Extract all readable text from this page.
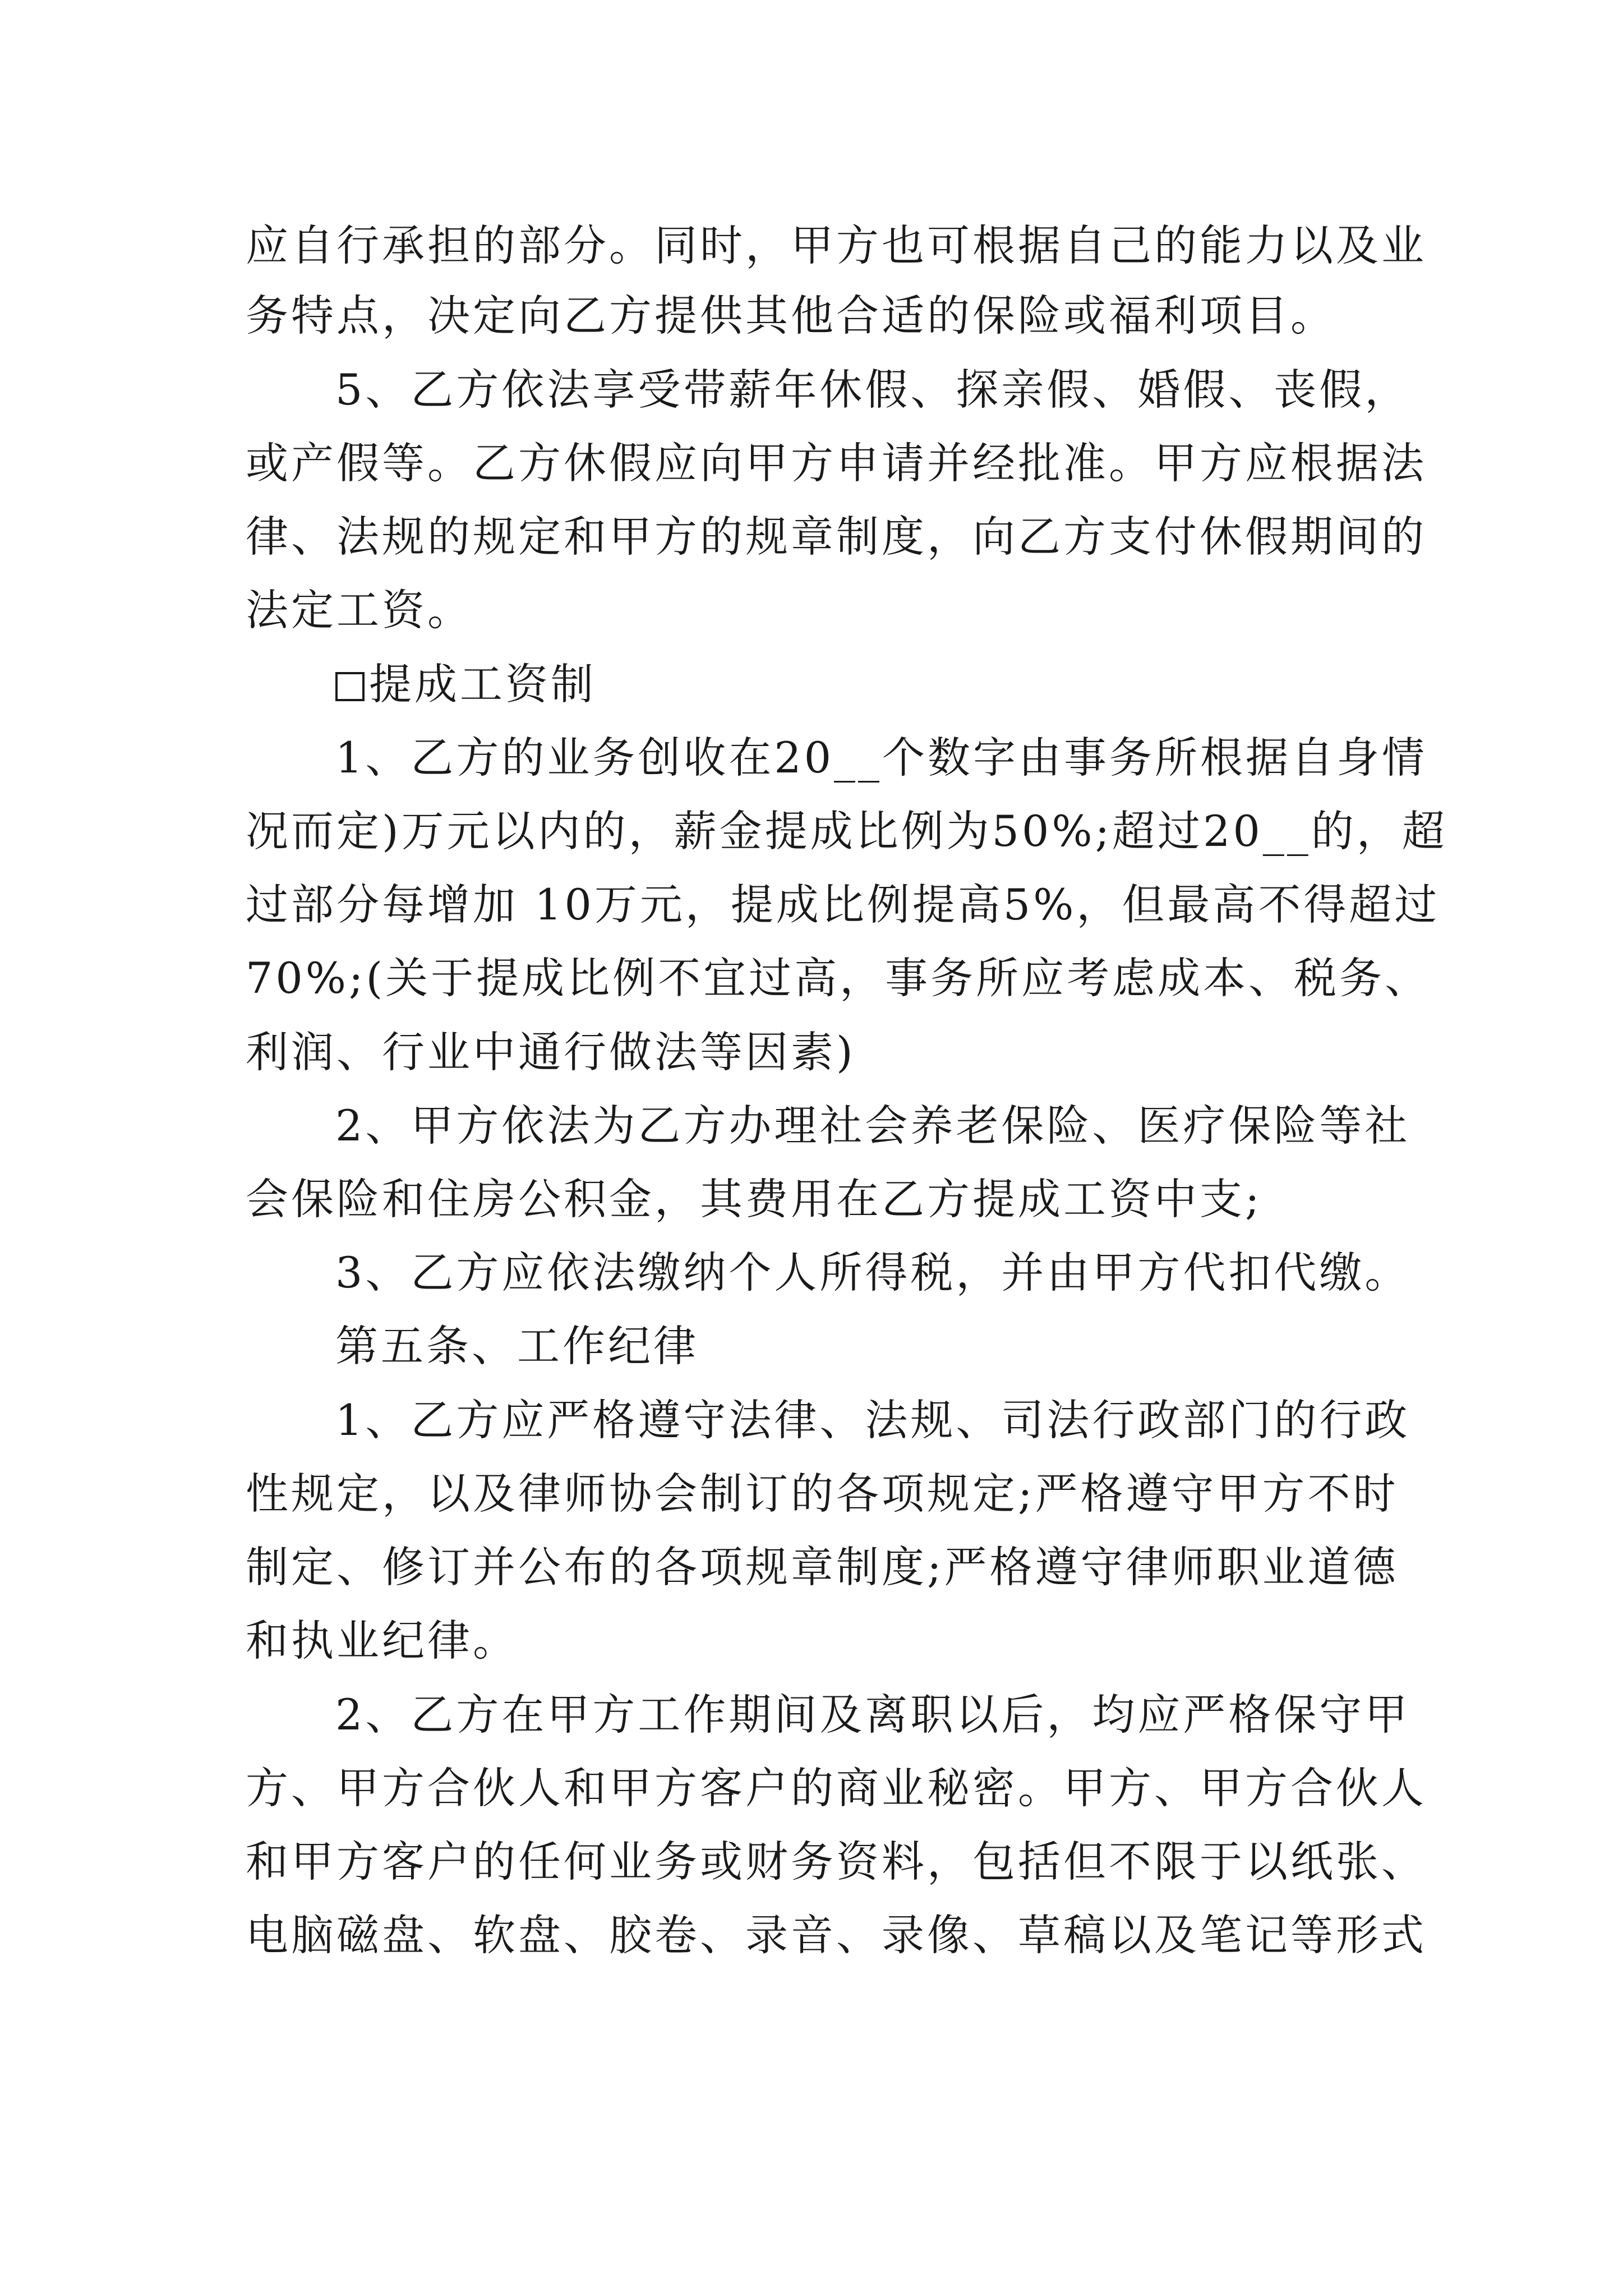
应自行承担的部分。同时，甲方也可根据自己的能力以及业

务特点，决定向乙方提供其他合适的保险或福利项目。

5、乙方依法享受带薪年休假、探亲假、婚假、丧假，

或产假等。乙方休假应向甲方申请并经批准。甲方应根据法

律、法规的规定和甲方的规章制度，向乙方支付休假期间的

法定工资。

提成工资制

1、乙方的业务创收在20__个数字由事务所根据自身情

况而定)万元以内的，薪金提成比例为50%;超过20__的，超

过部分每增加 10万元，提成比例提高5%，但最高不得超过

70%;(关于提成比例不宜过高，事务所应考虑成本、税务、

利润、行业中通行做法等因素)

2、甲方依法为乙方办理社会养老保险、医疗保险等社

会保险和住房公积金，其费用在乙方提成工资中支;

3、乙方应依法缴纳个人所得税，并由甲方代扣代缴。

第五条、工作纪律

1、乙方应严格遵守法律、法规、司法行政部门的行政

性规定，以及律师协会制订的各项规定;严格遵守甲方不时

制定、修订并公布的各项规章制度;严格遵守律师职业道德

和执业纪律。

2、乙方在甲方工作期间及离职以后，均应严格保守甲

方、甲方合伙人和甲方客户的商业秘密。甲方、甲方合伙人

和甲方客户的任何业务或财务资料，包括但不限于以纸张、

电脑磁盘、软盘、胶卷、录音、录像、草稿以及笔记等形式
